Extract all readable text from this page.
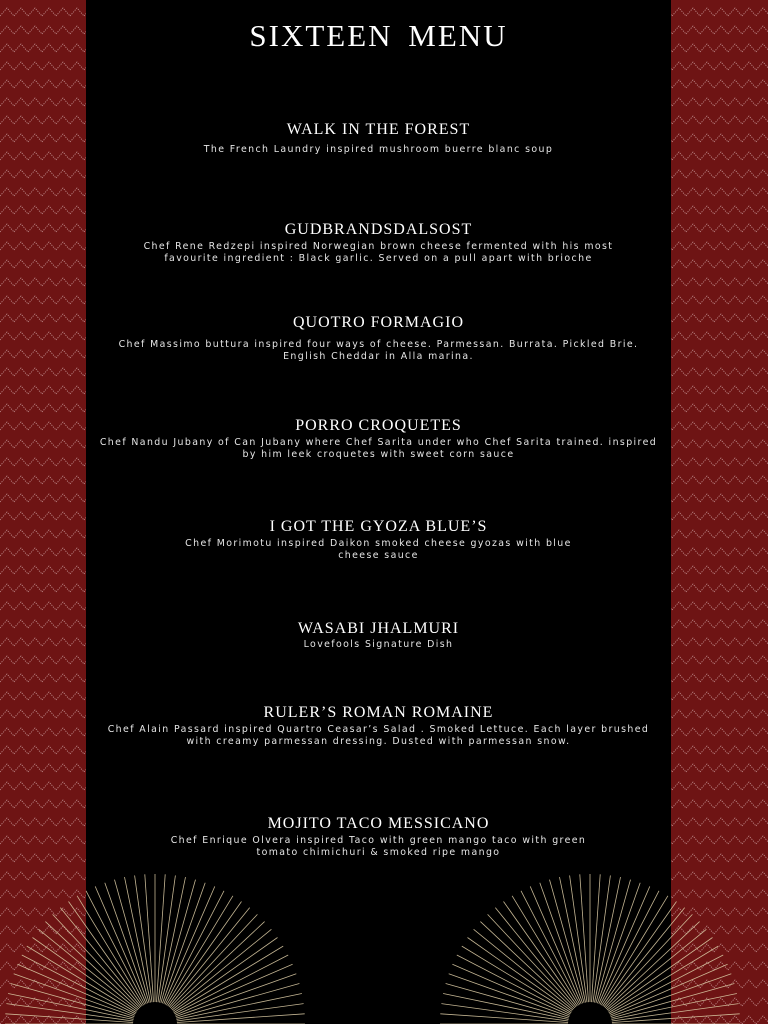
SIXTEEN MENU
WALK IN THE FOREST

The French Laundry inspired mushroom buerre blanc soup

GUDBRANDSDALSOST

Chef Rene Redzepi inspired Norwegian brown cheese fermented with his most favourite ingredient : Black garlic. Served on a pull apart with brioche

QUOTRO FORMAGIO

Chef Massimo buttura inspired four ways of cheese. Parmessan. Burrata. Pickled Brie. English Cheddar in Alla marina.

PORRO CROQUETES

Chef Nandu Jubany of Can Jubany where Chef Sarita under who Chef Sarita trained. inspired by him leek croquetes with sweet corn sauce

I GOT THE GYOZA BLUE’S

Chef Morimotu inspired Daikon smoked cheese gyozas with blue cheese sauce

WASABI JHALMURI

Lovefools Signature Dish

RULER’S ROMAN ROMAINE

Chef Alain Passard inspired Quartro Ceasar’s Salad . Smoked Lettuce. Each layer brushed with creamy parmessan dressing. Dusted with parmessan snow.

MOJITO TACO MESSICANO

Chef Enrique Olvera inspired Taco with green mango taco with green tomato chimichuri & smoked ripe mango
